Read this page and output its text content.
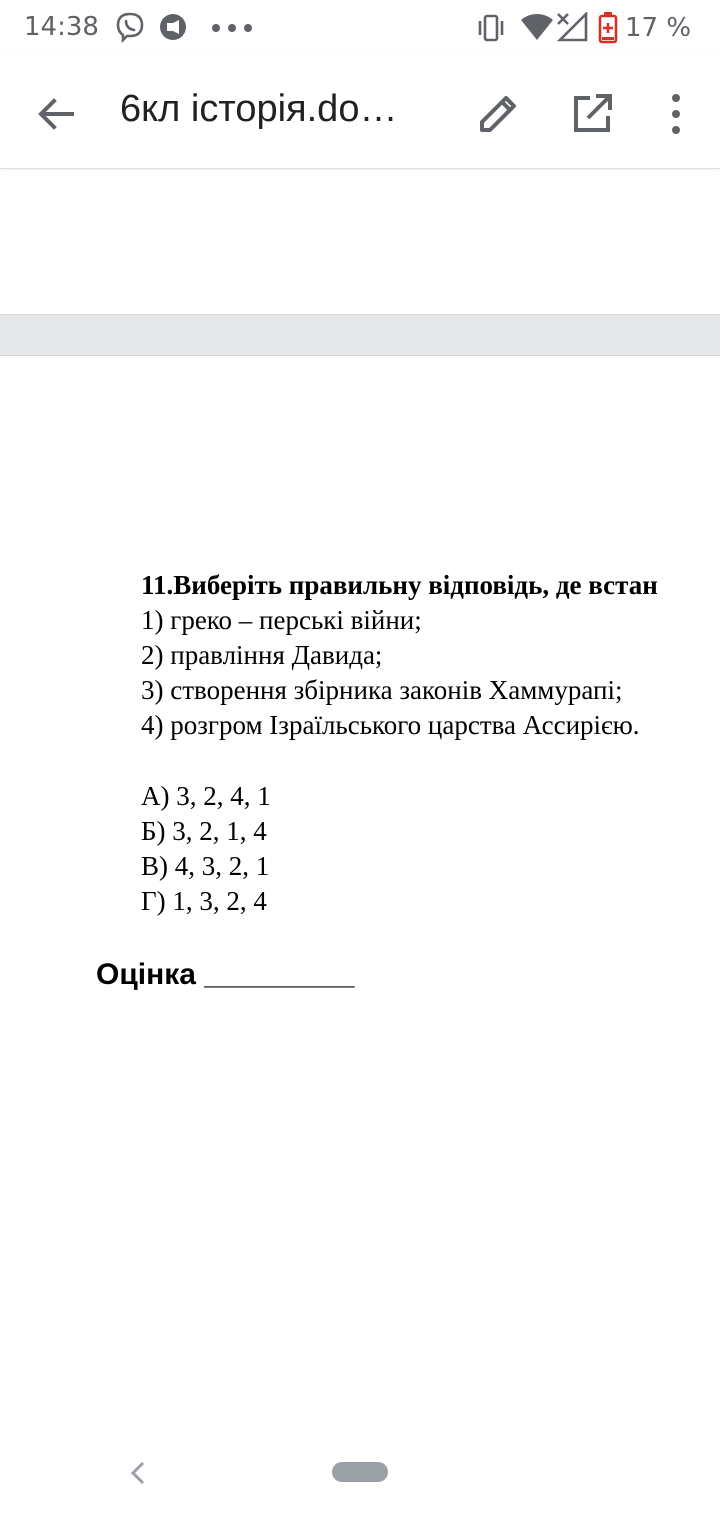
14:38	17 %
6кл історія.do…
11.Виберіть правильну відповідь, де встан
1) греко – перські війни;
2) правління Давида;
3) створення збірника законів Хаммурапі;
4) розгром Ізраїльського царства Ассирією.
А) 3, 2, 4, 1
Б) 3, 2, 1, 4
В) 4, 3, 2, 1
Г) 1, 3, 2, 4
Оцінка _________
